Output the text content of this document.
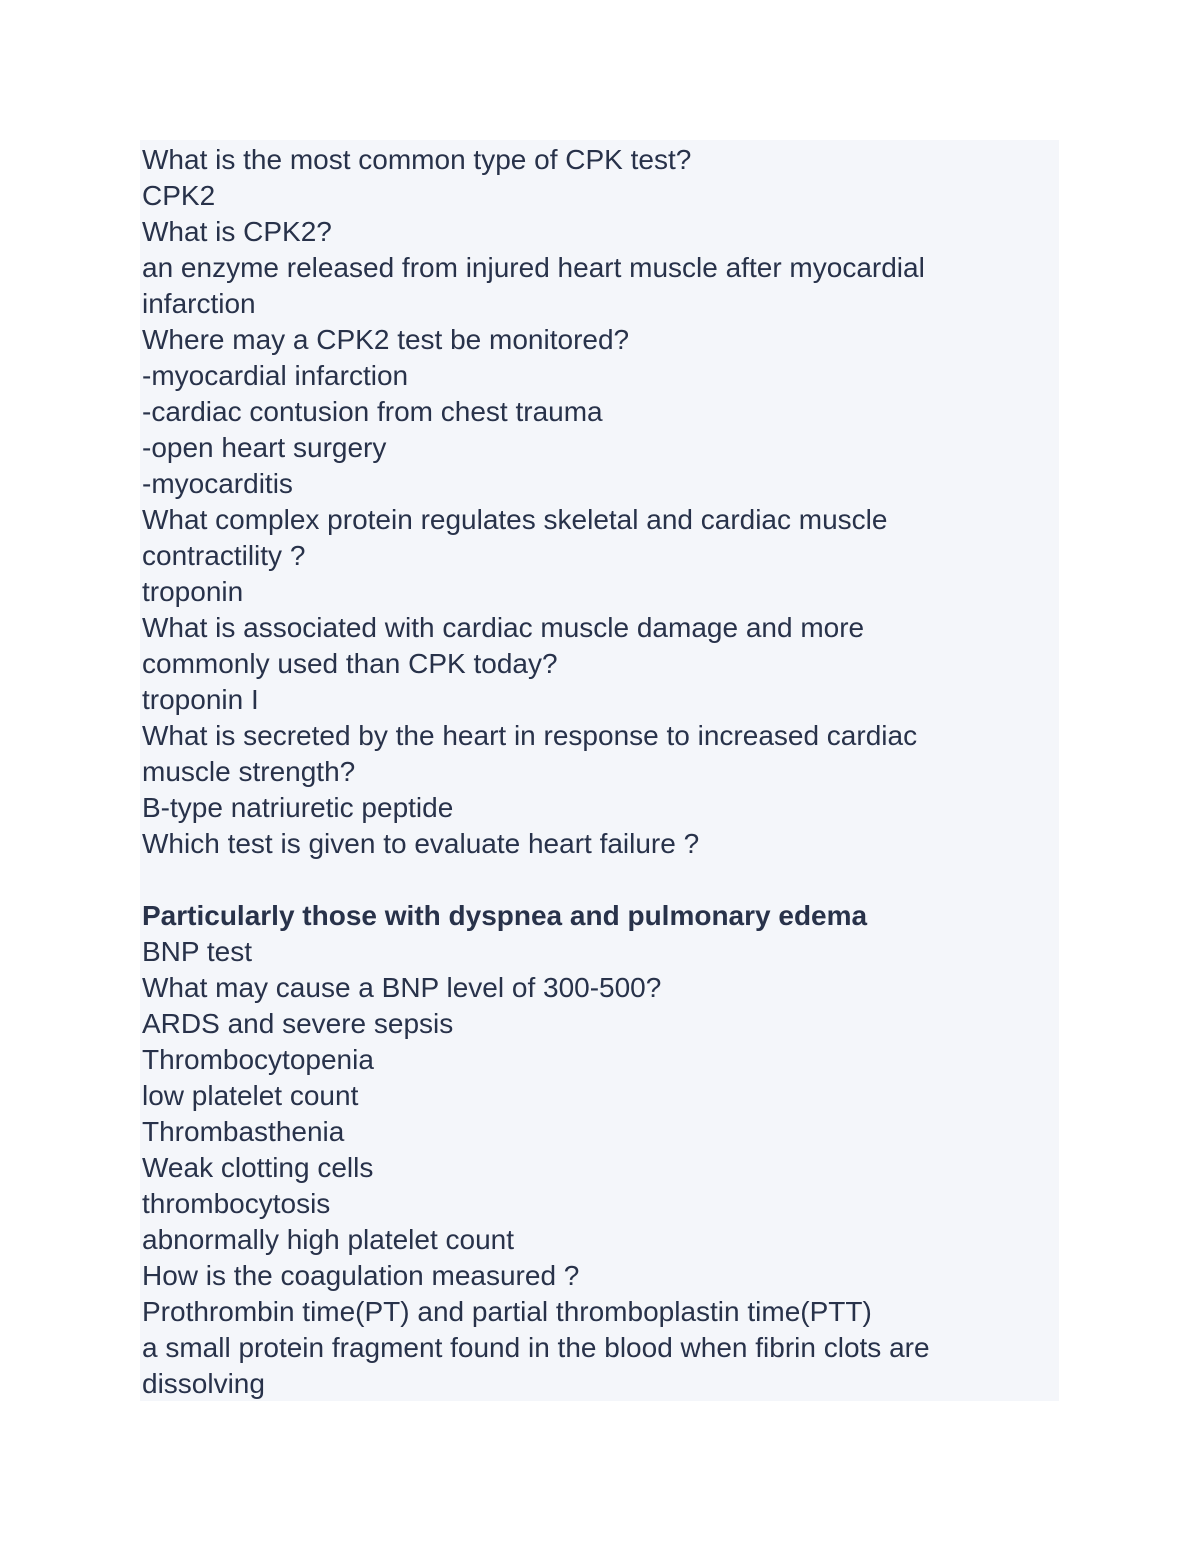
What is the most common type of CPK test?
CPK2
What is CPK2?
an enzyme released from injured heart muscle after myocardial
infarction
Where may a CPK2 test be monitored?
-myocardial infarction
-cardiac contusion from chest trauma
-open heart surgery
-myocarditis
What complex protein regulates skeletal and cardiac muscle
contractility ?
troponin
What is associated with cardiac muscle damage and more
commonly used than CPK today?
troponin I
What is secreted by the heart in response to increased cardiac
muscle strength?
B-type natriuretic peptide
Which test is given to evaluate heart failure ?
Particularly those with dyspnea and pulmonary edema
BNP test
What may cause a BNP level of 300-500?
ARDS and severe sepsis
Thrombocytopenia
low platelet count
Thrombasthenia
Weak clotting cells
thrombocytosis
abnormally high platelet count
How is the coagulation measured ?
Prothrombin time(PT) and partial thromboplastin time(PTT)
a small protein fragment found in the blood when fibrin clots are
dissolving
